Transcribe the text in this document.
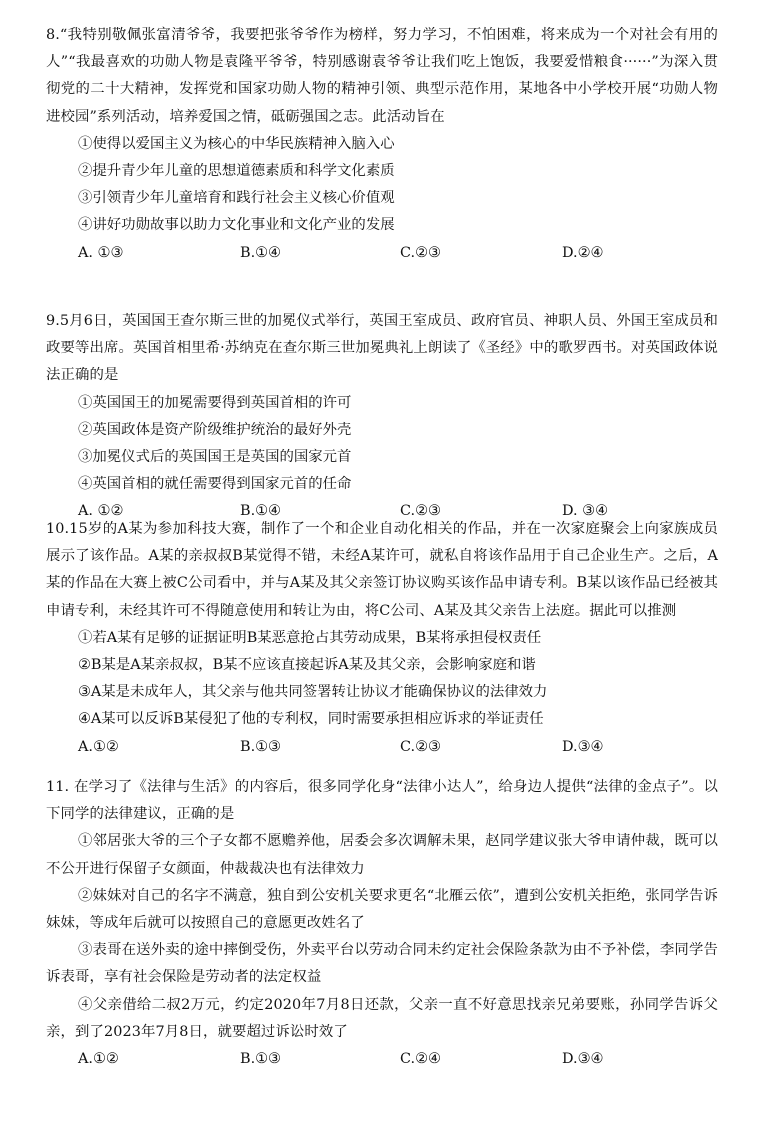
8.“我特别敬佩张富清爷爷，我要把张爷爷作为榜样，努力学习，不怕困难，将来成为一个对社会有用的人”“我最喜欢的功勋人物是袁隆平爷爷，特别感谢袁爷爷让我们吃上饱饭，我要爱惜粮食······”为深入贯彻党的二十大精神，发挥党和国家功勋人物的精神引领、典型示范作用，某地各中小学校开展“功勋人物进校园”系列活动，培养爱国之情，砥砺强国之志。此活动旨在

①使得以爱国主义为核心的中华民族精神入脑入心

②提升青少年儿童的思想道德素质和科学文化素质

③引领青少年儿童培育和践行社会主义核心价值观

④讲好功勋故事以助力文化事业和文化产业的发展

A. ①③	B.①④	C.②③	D.②④

9.5月6日，英国国王查尔斯三世的加冕仪式举行，英国王室成员、政府官员、神职人员、外国王室成员和政要等出席。英国首相里希·苏纳克在查尔斯三世加冕典礼上朗读了《圣经》中的歌罗西书。对英国政体说法正确的是

①英国国王的加冕需要得到英国首相的许可

②英国政体是资产阶级维护统治的最好外壳

③加冕仪式后的英国国王是英国的国家元首

④英国首相的就任需要得到国家元首的任命

A. ①②	B.①④	C.②③	D. ③④

10.15岁的A某为参加科技大赛，制作了一个和企业自动化相关的作品，并在一次家庭聚会上向家族成员展示了该作品。A某的亲叔叔B某觉得不错，未经A某许可，就私自将该作品用于自己企业生产。之后，A某的作品在大赛上被C公司看中，并与A某及其父亲签订协议购买该作品申请专利。B某以该作品已经被其申请专利，未经其许可不得随意使用和转让为由，将C公司、A某及其父亲告上法庭。据此可以推测

①若A某有足够的证据证明B某恶意抢占其劳动成果，B某将承担侵权责任

②B某是A某亲叔叔，B某不应该直接起诉A某及其父亲，会影响家庭和谐

③A某是未成年人，其父亲与他共同签署转让协议才能确保协议的法律效力

④A某可以反诉B某侵犯了他的专利权，同时需要承担相应诉求的举证责任

A.①②	B.①③	C.②③	D.③④

11. 在学习了《法律与生活》的内容后，很多同学化身“法律小达人”，给身边人提供“法律的金点子”。以下同学的法律建议，正确的是

①邻居张大爷的三个子女都不愿赡养他，居委会多次调解未果，赵同学建议张大爷申请仲裁，既可以不公开进行保留子女颜面，仲裁裁决也有法律效力

②妹妹对自己的名字不满意，独自到公安机关要求更名“北雁云依”，遭到公安机关拒绝，张同学告诉妹妹，等成年后就可以按照自己的意愿更改姓名了

③表哥在送外卖的途中摔倒受伤，外卖平台以劳动合同未约定社会保险条款为由不予补偿，李同学告诉表哥，享有社会保险是劳动者的法定权益

④父亲借给二叔2万元，约定2020年7月8日还款，父亲一直不好意思找亲兄弟要账，孙同学告诉父亲，到了2023年7月8日，就要超过诉讼时效了

A.①②	B.①③	C.②④	D.③④
